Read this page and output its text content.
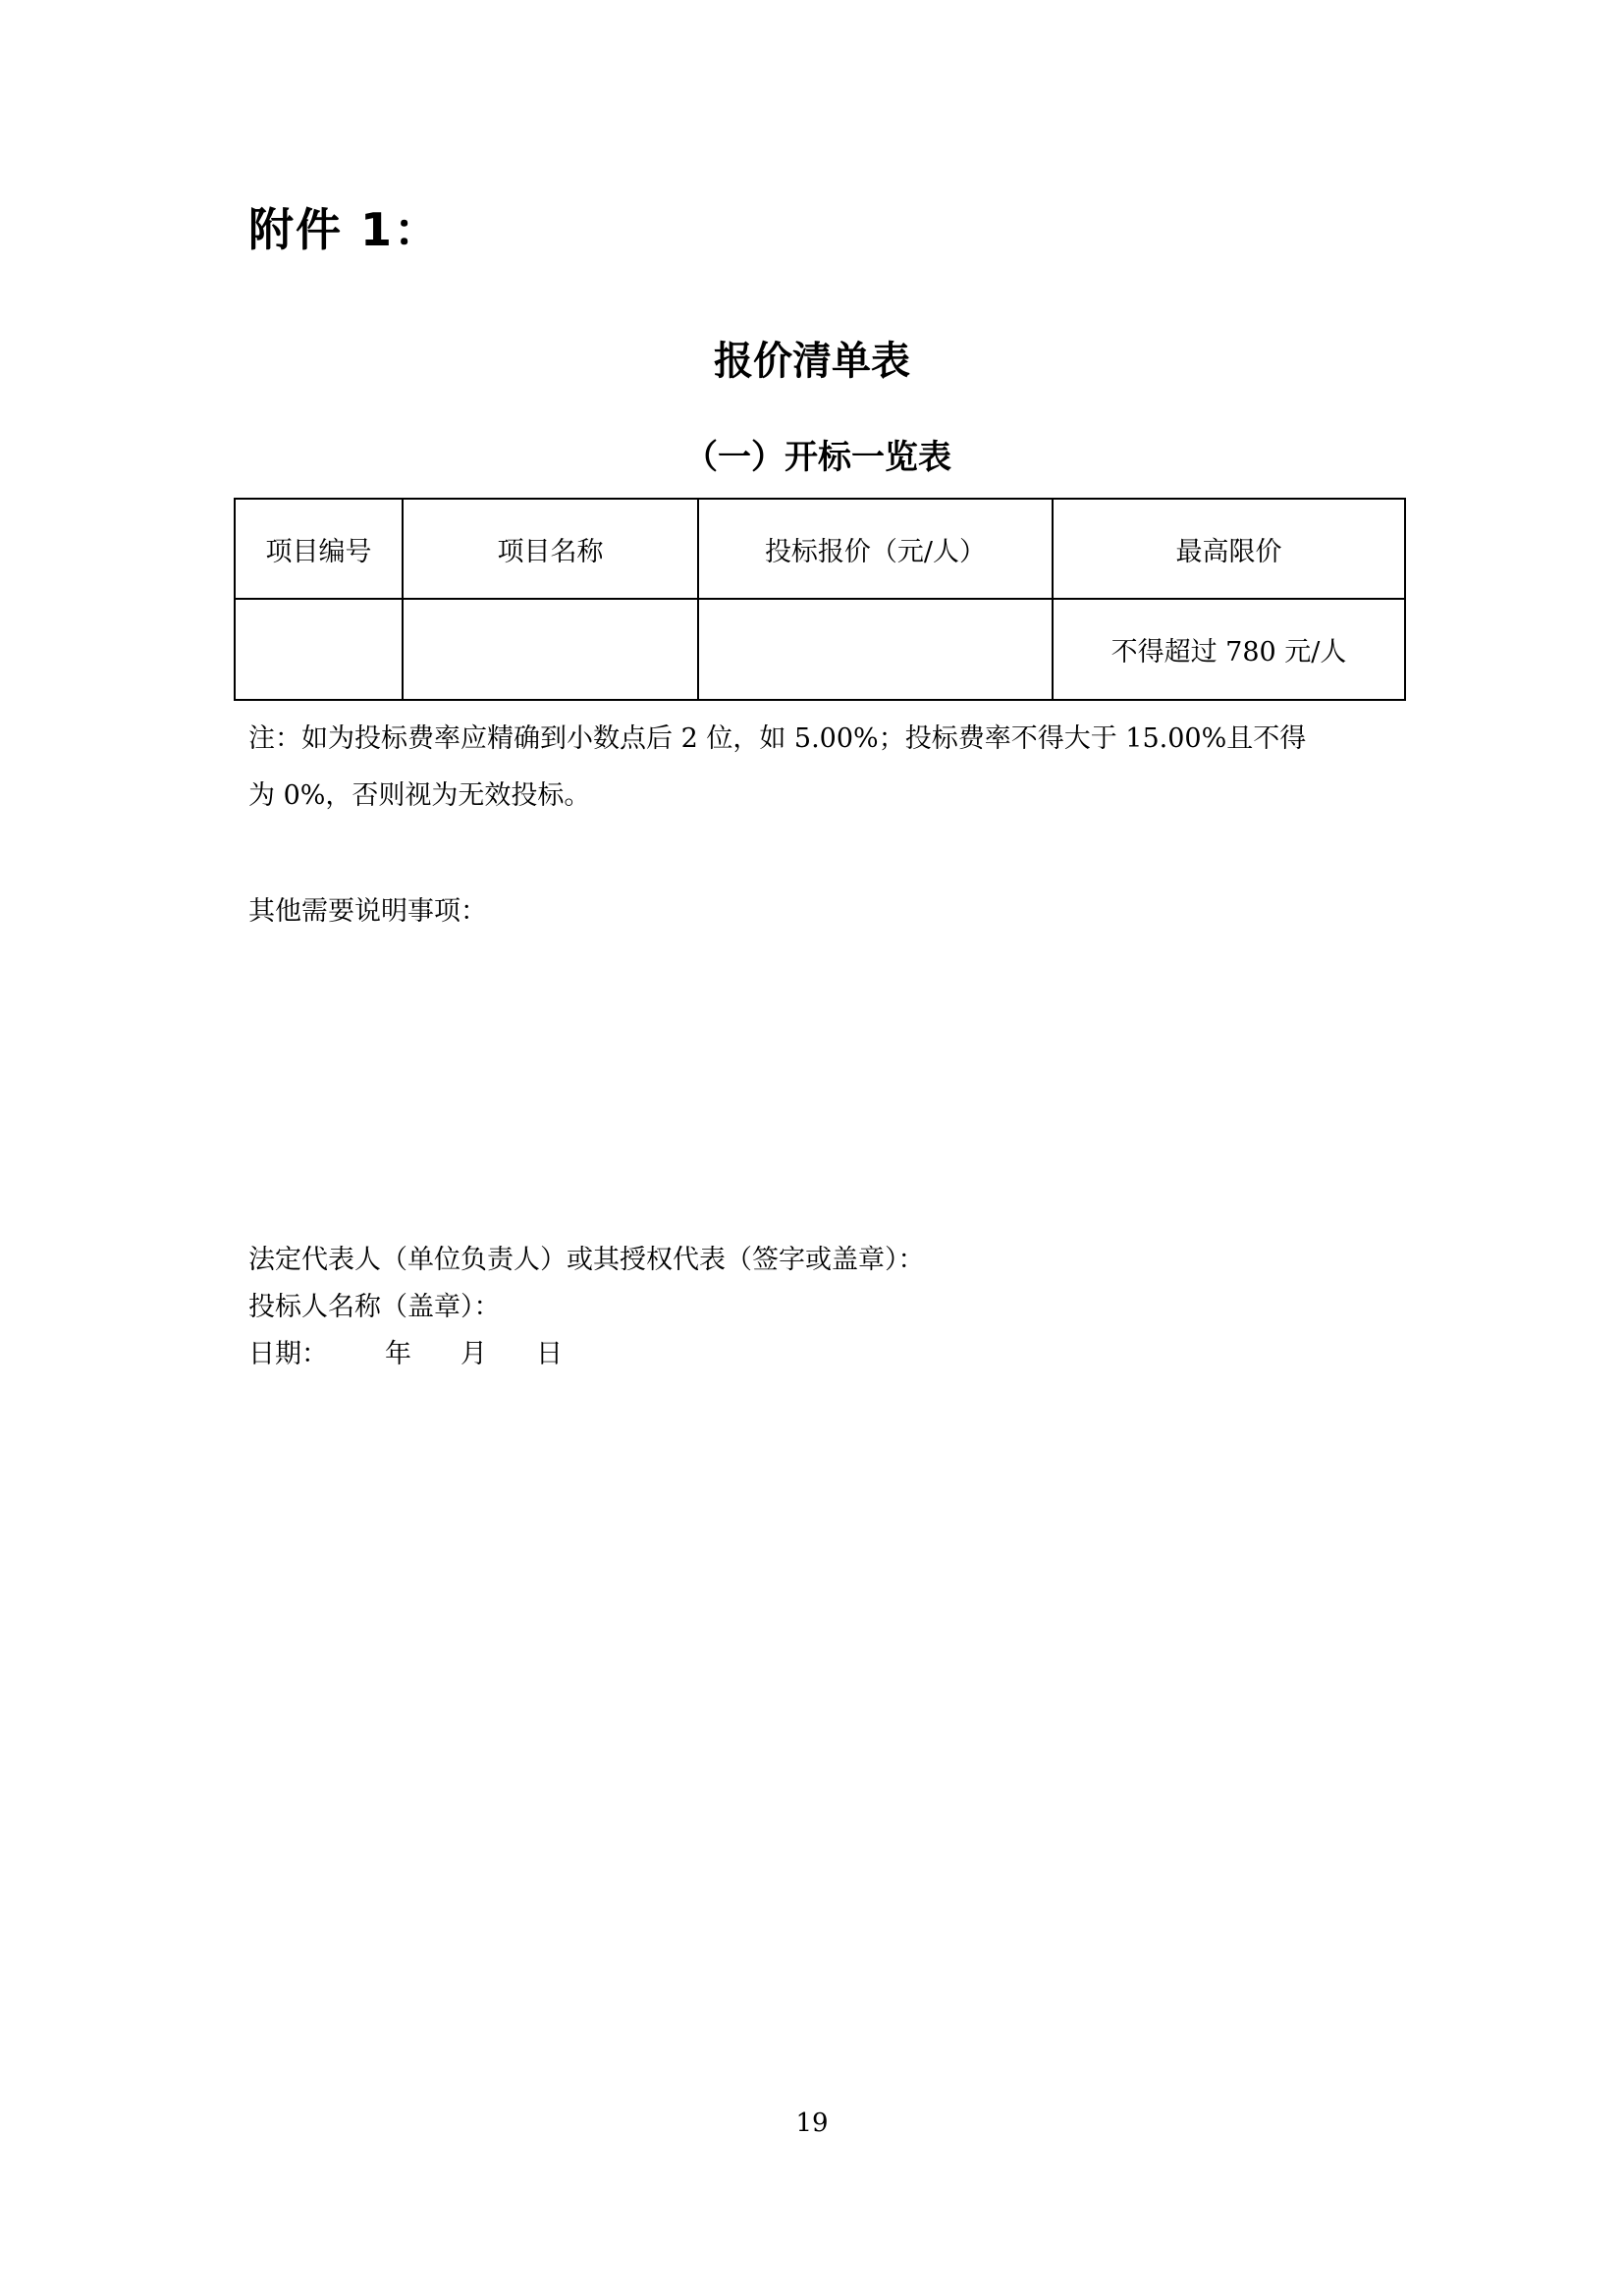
附件 1：
报价清单表
（一）开标一览表
项目编号	项目名称	投标报价（元/人）	最高限价
			不得超过 780 元/人
注：如为投标费率应精确到小数点后 2 位，如 5.00%；投标费率不得大于 15.00%且不得
为 0%，否则视为无效投标。
其他需要说明事项：
法定代表人（单位负责人）或其授权代表（签字或盖章）：
投标人名称（盖章）：
日期： 年 月 日
19
